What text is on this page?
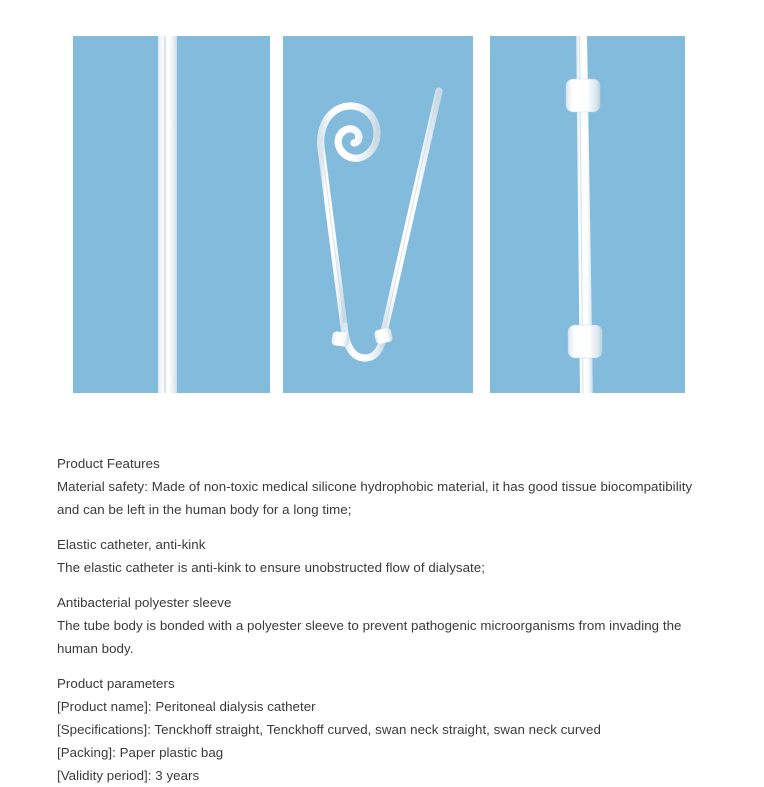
Product Features

Material safety: Made of non-toxic medical silicone hydrophobic material, it has good tissue biocompatibility and can be left in the human body for a long time;

Elastic catheter, anti-kink

The elastic catheter is anti-kink to ensure unobstructed flow of dialysate;

Antibacterial polyester sleeve

The tube body is bonded with a polyester sleeve to prevent pathogenic microorganisms from invading the human body.

Product parameters

[Product name]: Peritoneal dialysis catheter

[Specifications]: Tenckhoff straight, Tenckhoff curved, swan neck straight, swan neck curved

[Packing]: Paper plastic bag

[Validity period]: 3 years
